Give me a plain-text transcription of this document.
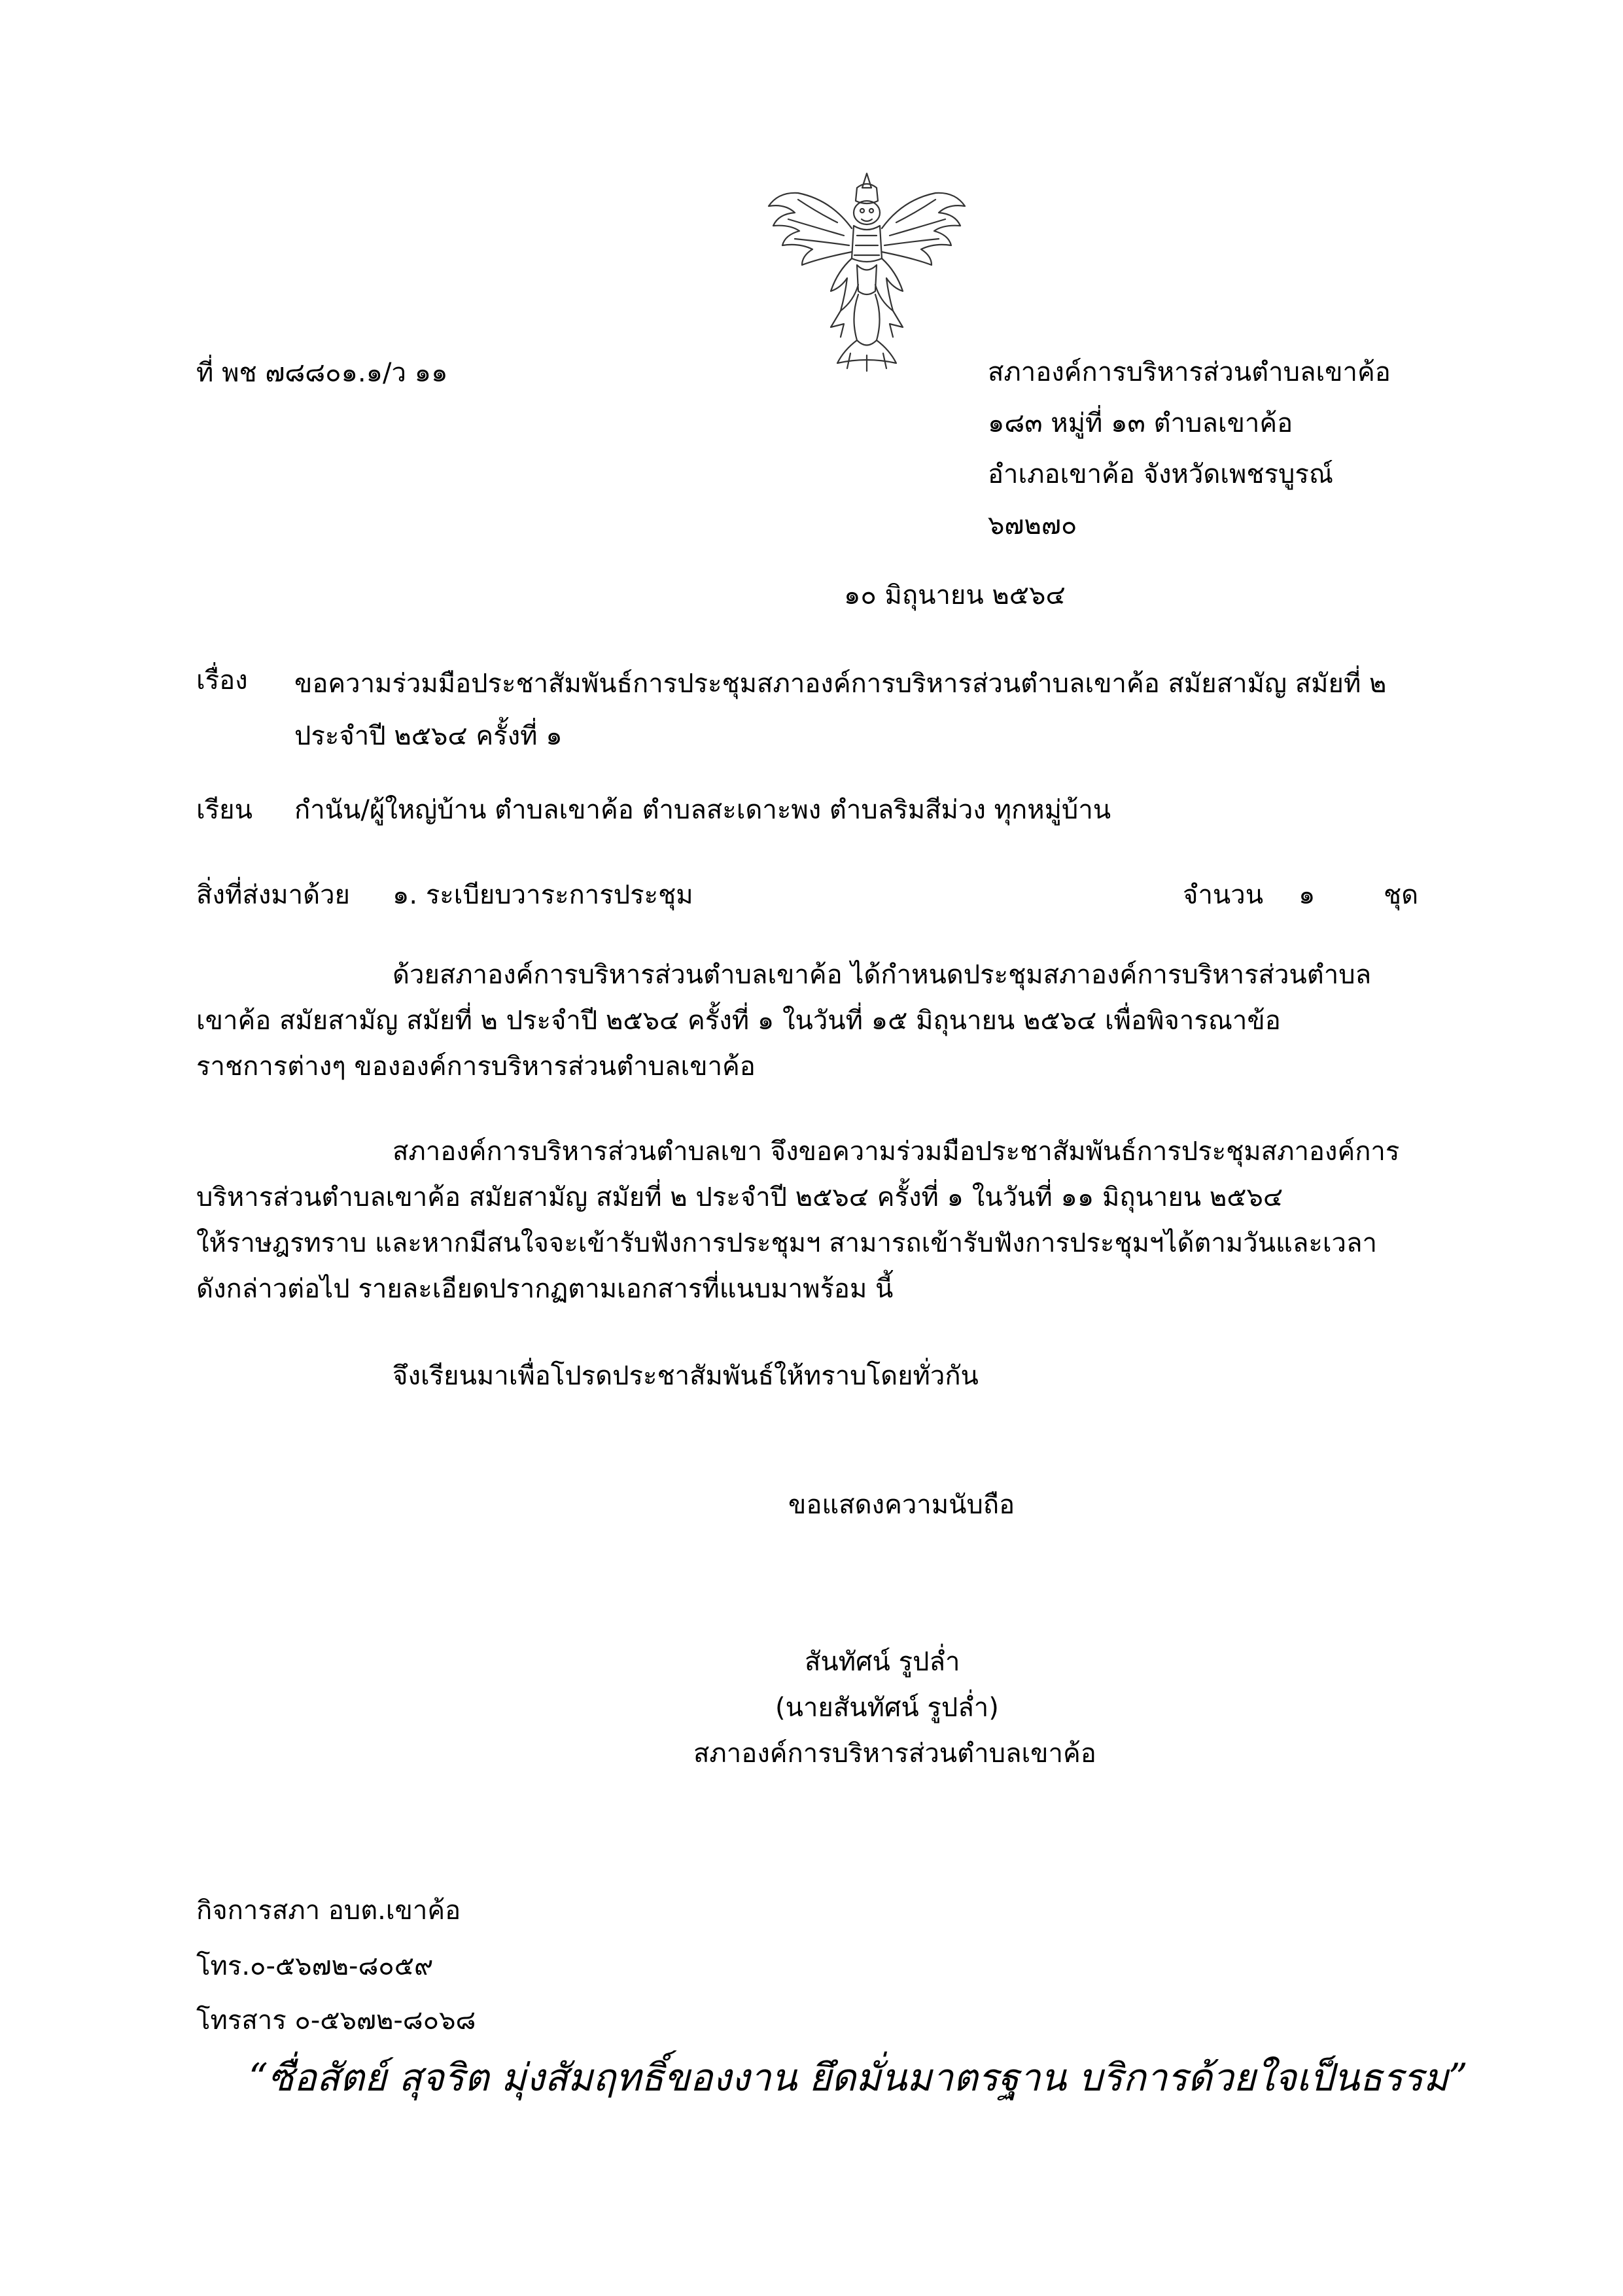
ที่ พช ๗๘๘๐๑.๑/ว ๑๑	สภาองค์การบริหารส่วนตำบลเขาค้อ
๑๘๓ หมู่ที่ ๑๓ ตำบลเขาค้อ
อำเภอเขาค้อ จังหวัดเพชรบูรณ์
๖๗๒๗๐
๑๐ มิถุนายน ๒๕๖๔
เรื่อง ขอความร่วมมือประชาสัมพันธ์การประชุมสภาองค์การบริหารส่วนตำบลเขาค้อ สมัยสามัญ สมัยที่ ๒
ประจำปี ๒๕๖๔ ครั้งที่ ๑
เรียน กำนัน/ผู้ใหญ่บ้าน ตำบลเขาค้อ ตำบลสะเดาะพง ตำบลริมสีม่วง ทุกหมู่บ้าน
สิ่งที่ส่งมาด้วย ๑. ระเบียบวาระการประชุม	จำนวน ๑	ชุด
ด้วยสภาองค์การบริหารส่วนตำบลเขาค้อ ได้กำหนดประชุมสภาองค์การบริหารส่วนตำบล
เขาค้อ สมัยสามัญ สมัยที่ ๒ ประจำปี ๒๕๖๔ ครั้งที่ ๑ ในวันที่ ๑๕ มิถุนายน ๒๕๖๔ เพื่อพิจารณาข้อ
ราชการต่างๆ ขององค์การบริหารส่วนตำบลเขาค้อ
สภาองค์การบริหารส่วนตำบลเขา จึงขอความร่วมมือประชาสัมพันธ์การประชุมสภาองค์การ
บริหารส่วนตำบลเขาค้อ สมัยสามัญ สมัยที่ ๒ ประจำปี ๒๕๖๔ ครั้งที่ ๑ ในวันที่ ๑๑ มิถุนายน ๒๕๖๔
ให้ราษฎรทราบ และหากมีสนใจจะเข้ารับฟังการประชุมฯ สามารถเข้ารับฟังการประชุมฯได้ตามวันและเวลา
ดังกล่าวต่อไป รายละเอียดปรากฏตามเอกสารที่แนบมาพร้อม นี้
จึงเรียนมาเพื่อโปรดประชาสัมพันธ์ให้ทราบโดยทั่วกัน
ขอแสดงความนับถือ
สันทัศน์ รูปล่ำ
(นายสันทัศน์ รูปล่ำ)
สภาองค์การบริหารส่วนตำบลเขาค้อ
กิจการสภา อบต.เขาค้อ
โทร.๐-๕๖๗๒-๘๐๕๙
โทรสาร ๐-๕๖๗๒-๘๐๖๘
“ซื่อสัตย์ สุจริต มุ่งสัมฤทธิ์ของงาน ยึดมั่นมาตรฐาน บริการด้วยใจเป็นธรรม”
